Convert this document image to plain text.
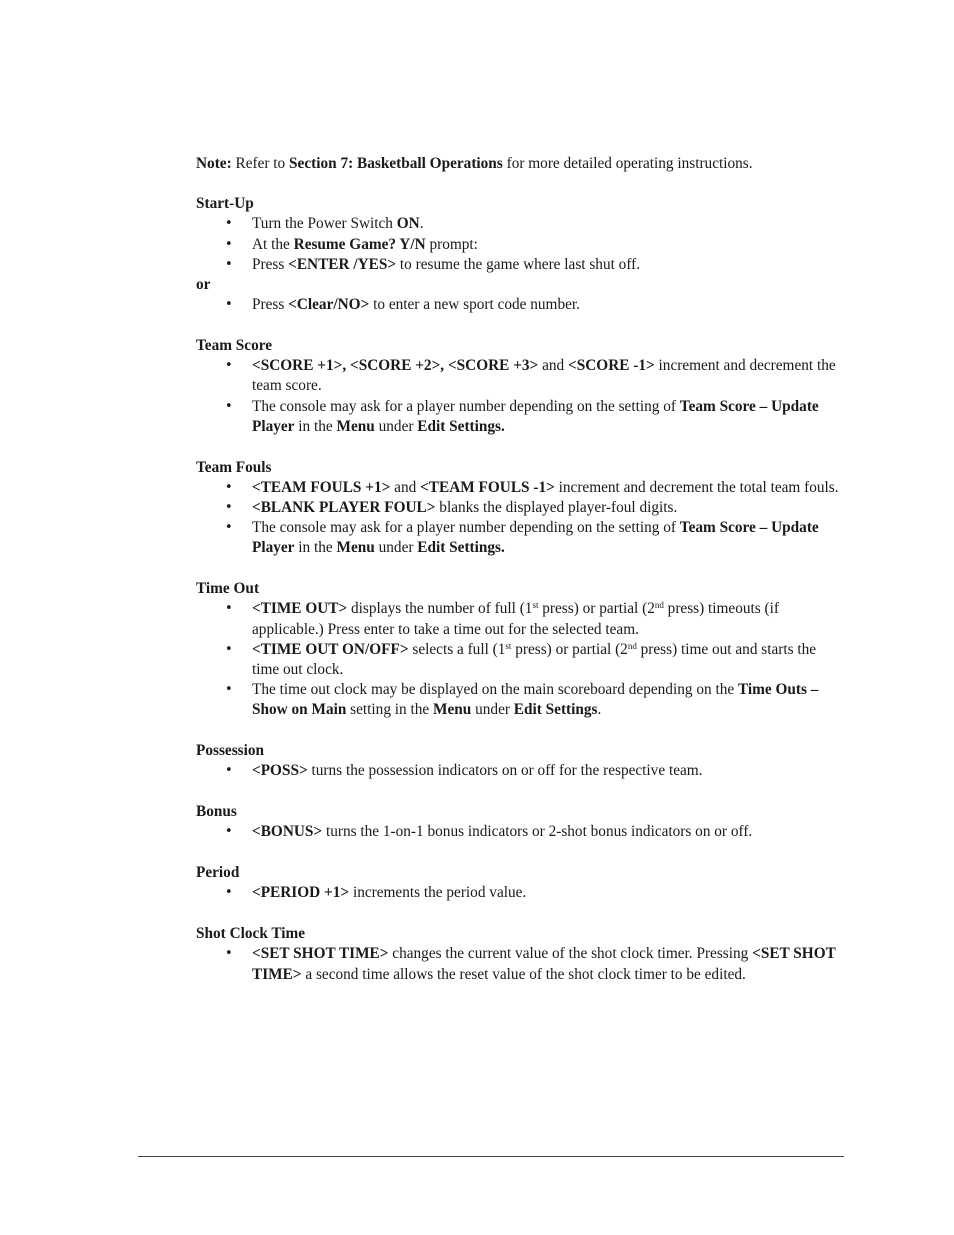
Note: Refer to Section 7: Basketball Operations for more detailed operating instructions.

Start-Up

• Turn the Power Switch ON.
• At the Resume Game? Y/N prompt:
• Press <ENTER /YES> to resume the game where last shut off.

or

• Press <Clear/NO> to enter a new sport code number.

Team Score

• <SCORE +1>, <SCORE +2>, <SCORE +3> and <SCORE -1> increment and decrement the team score.
• The console may ask for a player number depending on the setting of Team Score – Update Player in the Menu under Edit Settings.

Team Fouls

• <TEAM FOULS +1> and <TEAM FOULS -1> increment and decrement the total team fouls.
• <BLANK PLAYER FOUL> blanks the displayed player-foul digits.
• The console may ask for a player number depending on the setting of Team Score – Update Player in the Menu under Edit Settings.

Time Out

• <TIME OUT> displays the number of full (1st press) or partial (2nd press) timeouts (if applicable.) Press enter to take a time out for the selected team.
• <TIME OUT ON/OFF> selects a full (1st press) or partial (2nd press) time out and starts the time out clock.
• The time out clock may be displayed on the main scoreboard depending on the Time Outs – Show on Main setting in the Menu under Edit Settings.

Possession

• <POSS> turns the possession indicators on or off for the respective team.

Bonus

• <BONUS> turns the 1-on-1 bonus indicators or 2-shot bonus indicators on or off.

Period

• <PERIOD +1> increments the period value.

Shot Clock Time

• <SET SHOT TIME> changes the current value of the shot clock timer. Pressing <SET SHOT TIME> a second time allows the reset value of the shot clock timer to be edited.
